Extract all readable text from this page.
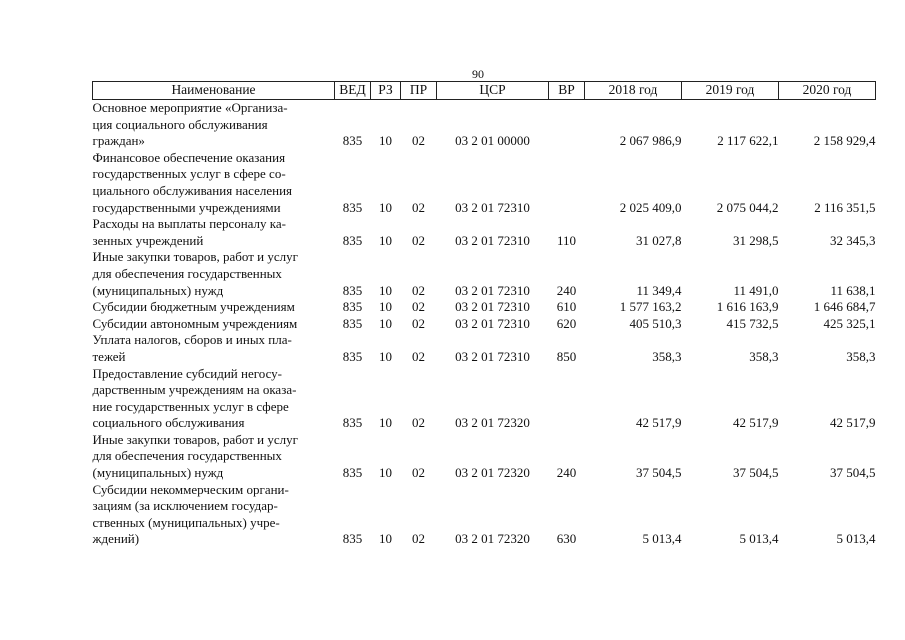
90
Наименование	ВЕД	РЗ	ПР	ЦСР	ВР	2018 год	2019 год	2020 год

Основное мероприятие «Организа-
ция социального обслуживания
граждан»	835	10	02	03 2 01 00000		2 067 986,9	2 117 622,1	2 158 929,4

Финансовое обеспечение оказания
государственных услуг в сфере со-
циального обслуживания населения
государственными учреждениями	835	10	02	03 2 01 72310		2 025 409,0	2 075 044,2	2 116 351,5

Расходы на выплаты персоналу ка-
зенных учреждений	835	10	02	03 2 01 72310	110	31 027,8	31 298,5	32 345,3

Иные закупки товаров, работ и услуг
для обеспечения государственных
(муниципальных) нужд	835	10	02	03 2 01 72310	240	11 349,4	11 491,0	11 638,1

Субсидии бюджетным учреждениям	835	10	02	03 2 01 72310	610	1 577 163,2	1 616 163,9	1 646 684,7

Субсидии автономным учреждениям	835	10	02	03 2 01 72310	620	405 510,3	415 732,5	425 325,1

Уплата налогов, сборов и иных пла-
тежей	835	10	02	03 2 01 72310	850	358,3	358,3	358,3

Предоставление субсидий негосу-
дарственным учреждениям на оказа-
ние государственных услуг в сфере
социального обслуживания	835	10	02	03 2 01 72320		42 517,9	42 517,9	42 517,9

Иные закупки товаров, работ и услуг
для обеспечения государственных
(муниципальных) нужд	835	10	02	03 2 01 72320	240	37 504,5	37 504,5	37 504,5

Субсидии некоммерческим органи-
зациям (за исключением государ-
ственных (муниципальных) учре-
ждений)	835	10	02	03 2 01 72320	630	5 013,4	5 013,4	5 013,4
